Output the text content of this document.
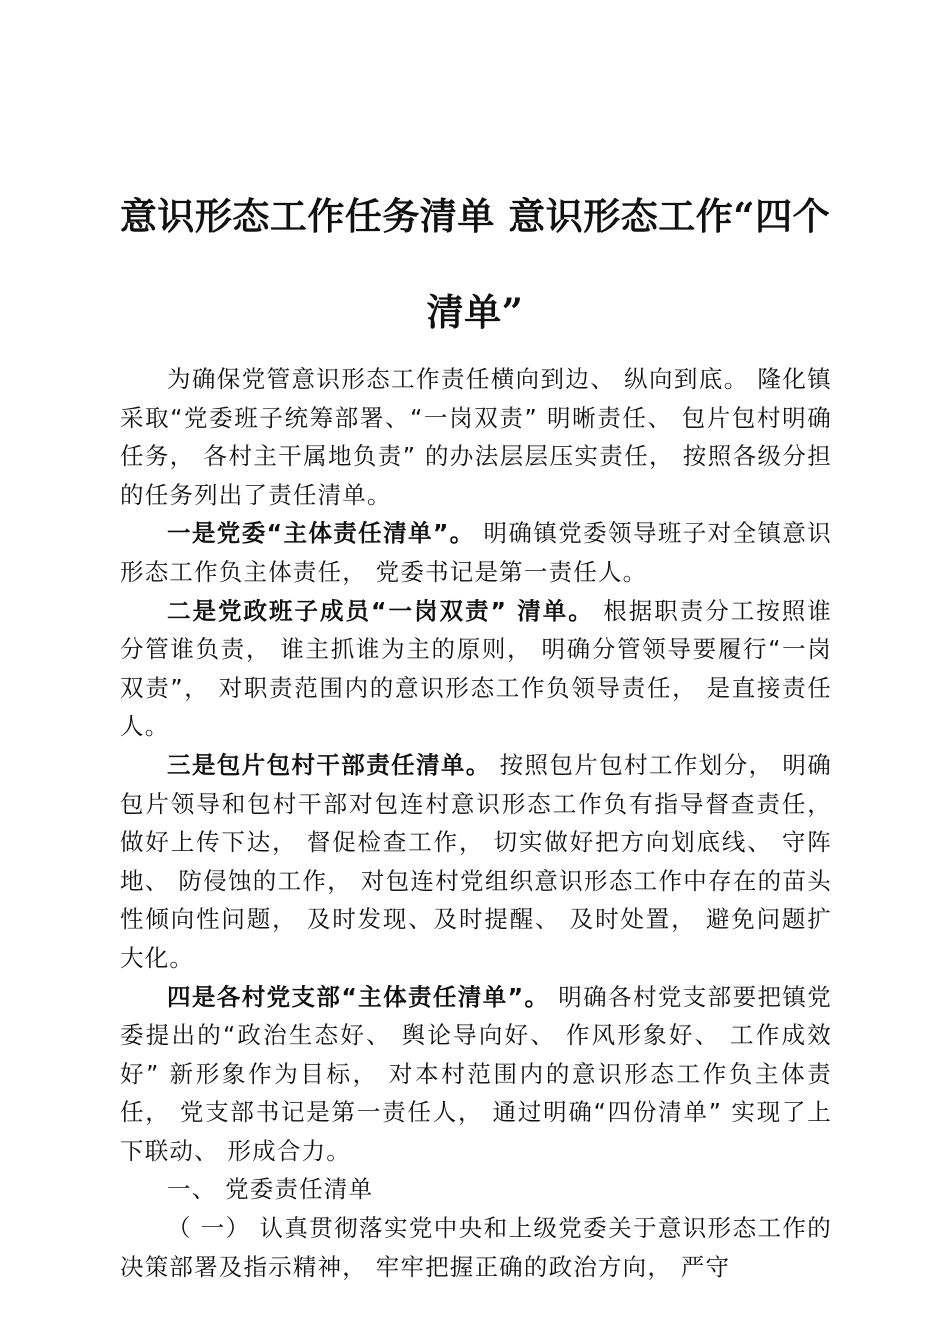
意识形态工作任务清单 意识形态工作“四个
清单”

为确保党管意识形态工作责任横向到边、 纵向到底。 隆化镇采取“党委班子统筹部署、“一岗双责” 明晰责任、 包片包村明确任务， 各村主干属地负责” 的办法层层压实责任， 按照各级分担的任务列出了责任清单。

一是党委“主体责任清单”。 明确镇党委领导班子对全镇意识形态工作负主体责任， 党委书记是第一责任人。

二是党政班子成员“一岗双责” 清单。 根据职责分工按照谁分管谁负责， 谁主抓谁为主的原则， 明确分管领导要履行“一岗双责”， 对职责范围内的意识形态工作负领导责任， 是直接责任人。

三是包片包村干部责任清单。 按照包片包村工作划分， 明确包片领导和包村干部对包连村意识形态工作负有指导督查责任， 做好上传下达， 督促检查工作， 切实做好把方向划底线、 守阵地、 防侵蚀的工作， 对包连村党组织意识形态工作中存在的苗头性倾向性问题， 及时发现、及时提醒、 及时处置， 避免问题扩大化。

四是各村党支部“主体责任清单”。 明确各村党支部要把镇党委提出的“政治生态好、 舆论导向好、 作风形象好、 工作成效好” 新形象作为目标， 对本村范围内的意识形态工作负主体责任， 党支部书记是第一责任人， 通过明确“四份清单” 实现了上下联动、 形成合力。

一、 党委责任清单

（ 一） 认真贯彻落实党中央和上级党委关于意识形态工作的决策部署及指示精神， 牢牢把握正确的政治方向， 严守
